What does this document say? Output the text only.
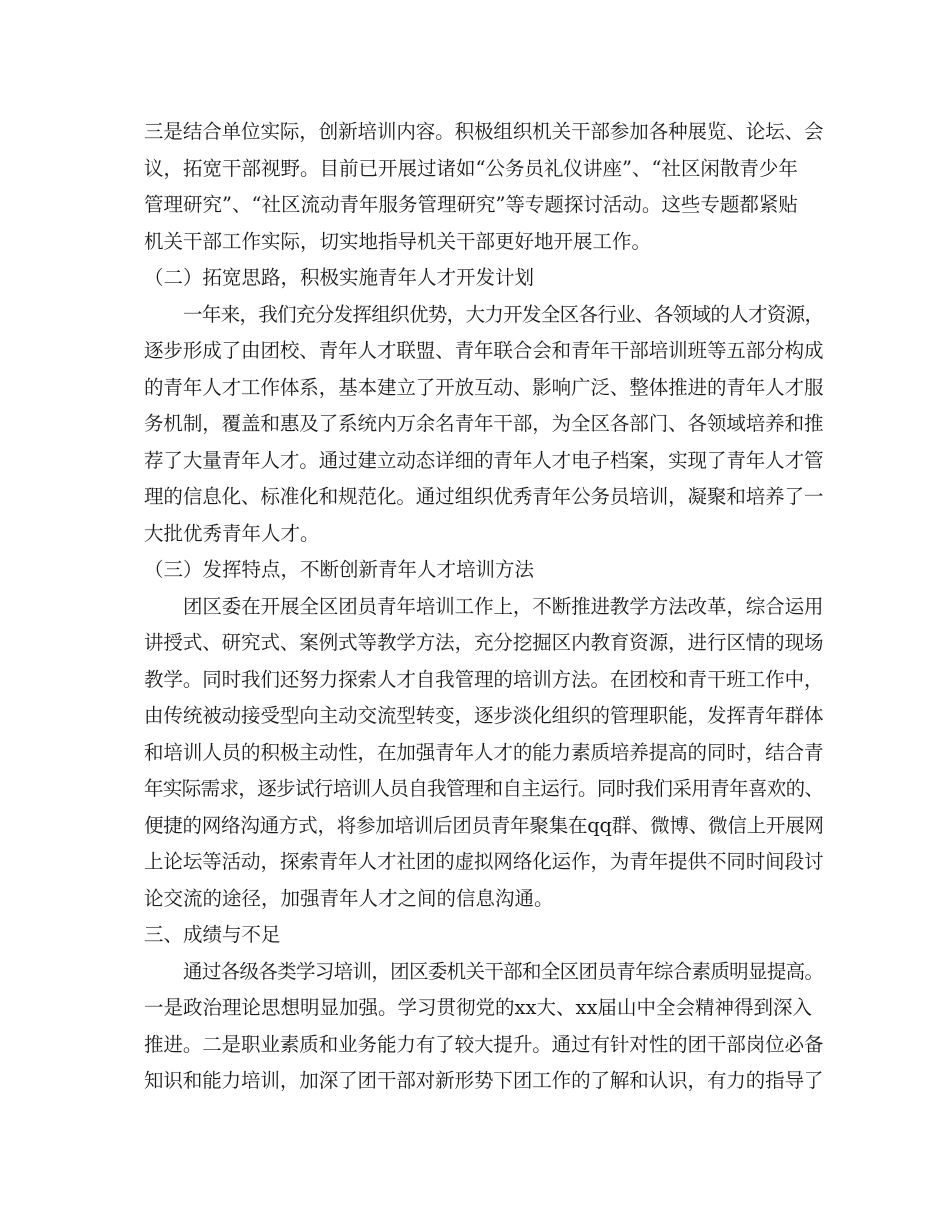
三是结合单位实际，创新培训内容。积极组织机关干部参加各种展览、论坛、会
议，拓宽干部视野。目前已开展过诸如“公务员礼仪讲座”、“社区闲散青少年
管理研究”、“社区流动青年服务管理研究”等专题探讨活动。这些专题都紧贴
机关干部工作实际，切实地指导机关干部更好地开展工作。
（二）拓宽思路，积极实施青年人才开发计划
一年来，我们充分发挥组织优势，大力开发全区各行业、各领域的人才资源，
逐步形成了由团校、青年人才联盟、青年联合会和青年干部培训班等五部分构成
的青年人才工作体系，基本建立了开放互动、影响广泛、整体推进的青年人才服
务机制，覆盖和惠及了系统内万余名青年干部，为全区各部门、各领域培养和推
荐了大量青年人才。通过建立动态详细的青年人才电子档案，实现了青年人才管
理的信息化、标准化和规范化。通过组织优秀青年公务员培训，凝聚和培养了一
大批优秀青年人才。
（三）发挥特点，不断创新青年人才培训方法
团区委在开展全区团员青年培训工作上，不断推进教学方法改革，综合运用
讲授式、研究式、案例式等教学方法，充分挖掘区内教育资源，进行区情的现场
教学。同时我们还努力探索人才自我管理的培训方法。在团校和青干班工作中，
由传统被动接受型向主动交流型转变，逐步淡化组织的管理职能，发挥青年群体
和培训人员的积极主动性，在加强青年人才的能力素质培养提高的同时，结合青
年实际需求，逐步试行培训人员自我管理和自主运行。同时我们采用青年喜欢的、
便捷的网络沟通方式，将参加培训后团员青年聚集在qq群、微博、微信上开展网
上论坛等活动，探索青年人才社团的虚拟网络化运作，为青年提供不同时间段讨
论交流的途径，加强青年人才之间的信息沟通。
三、成绩与不足
通过各级各类学习培训，团区委机关干部和全区团员青年综合素质明显提高。
一是政治理论思想明显加强。学习贯彻党的xx大、xx届山中全会精神得到深入
推进。二是职业素质和业务能力有了较大提升。通过有针对性的团干部岗位必备
知识和能力培训，加深了团干部对新形势下团工作的了解和认识，有力的指导了
